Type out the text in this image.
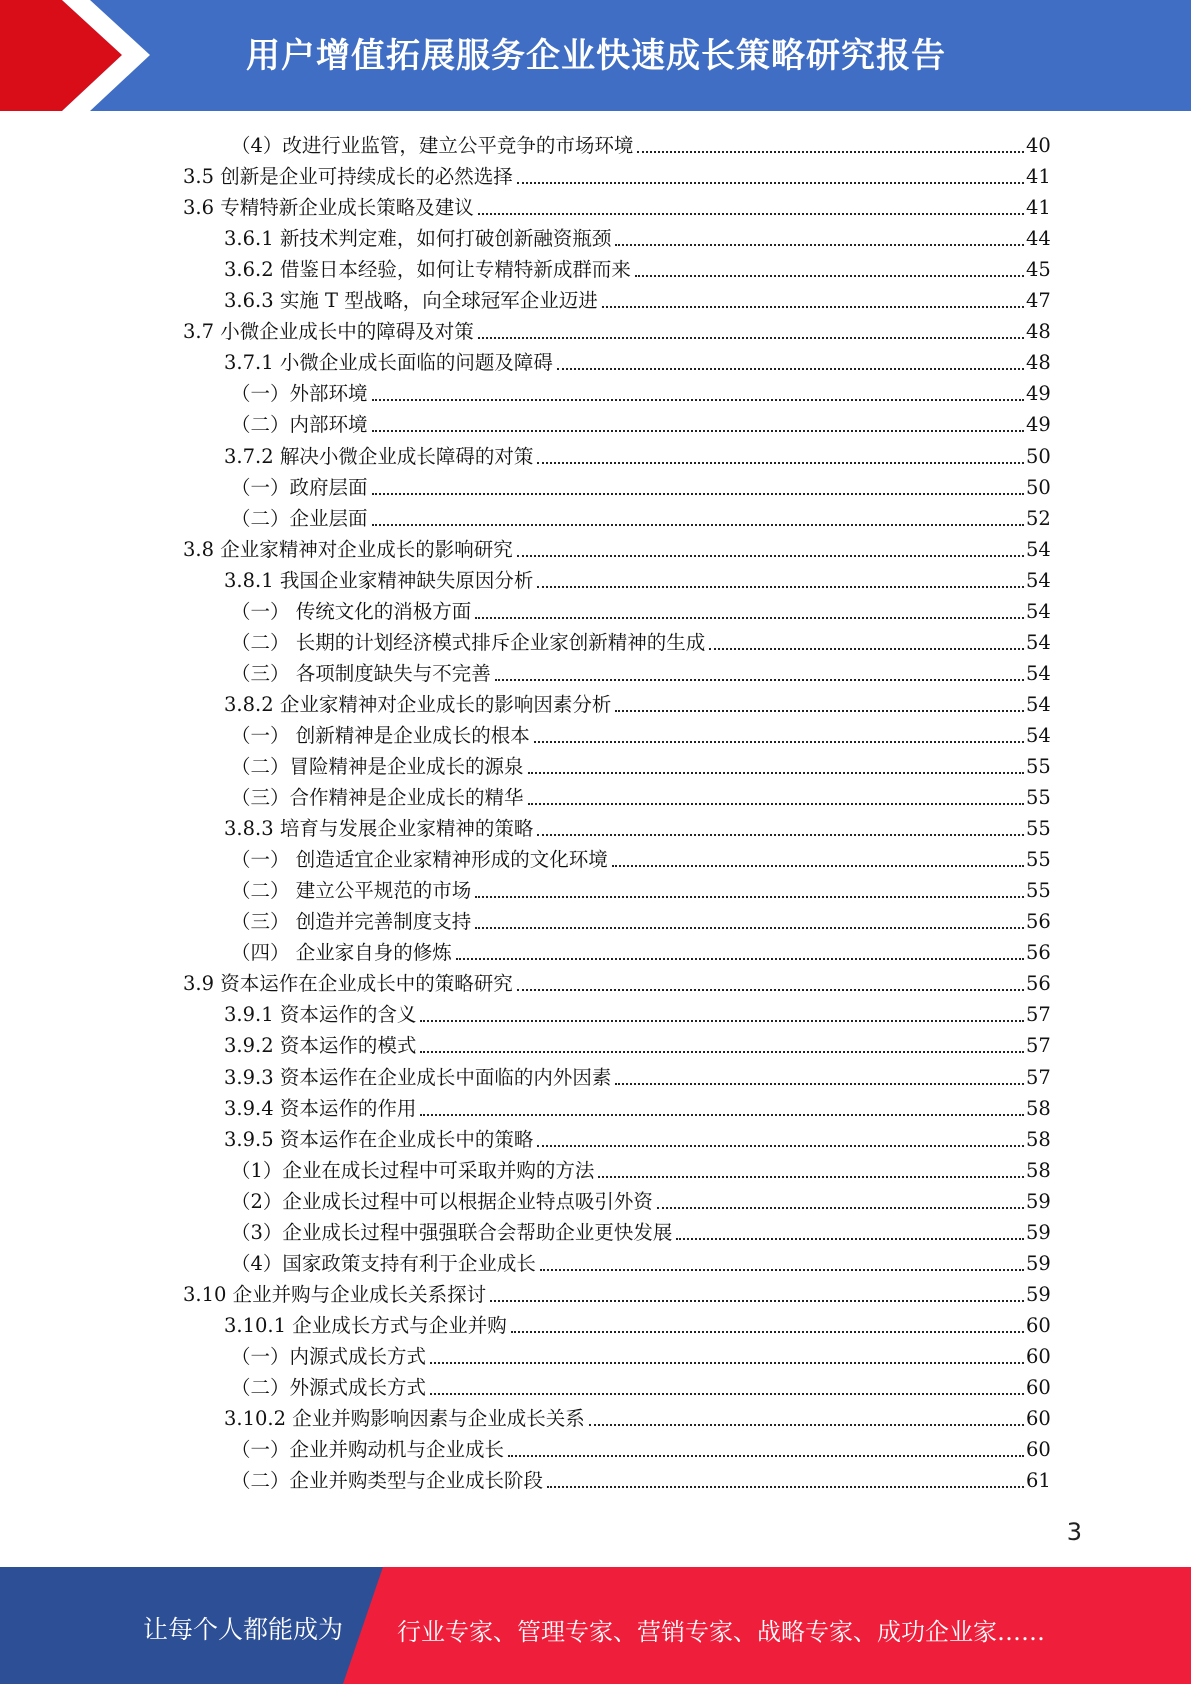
用户增值拓展服务企业快速成长策略研究报告
（4）改进行业监管，建立公平竞争的市场环境	40
3.5 创新是企业可持续成长的必然选择	41
3.6 专精特新企业成长策略及建议	41
3.6.1 新技术判定难，如何打破创新融资瓶颈	44
3.6.2 借鉴日本经验，如何让专精特新成群而来	45
3.6.3 实施 T 型战略，向全球冠军企业迈进	47
3.7 小微企业成长中的障碍及对策	48
3.7.1 小微企业成长面临的问题及障碍	48
（一）外部环境	49
（二）内部环境	49
3.7.2 解决小微企业成长障碍的对策	50
（一）政府层面	50
（二）企业层面	52
3.8 企业家精神对企业成长的影响研究	54
3.8.1 我国企业家精神缺失原因分析	54
（一） 传统文化的消极方面	54
（二） 长期的计划经济模式排斥企业家创新精神的生成	54
（三） 各项制度缺失与不完善	54
3.8.2 企业家精神对企业成长的影响因素分析	54
（一） 创新精神是企业成长的根本	54
（二）冒险精神是企业成长的源泉	55
（三）合作精神是企业成长的精华	55
3.8.3 培育与发展企业家精神的策略	55
（一） 创造适宜企业家精神形成的文化环境	55
（二） 建立公平规范的市场	55
（三） 创造并完善制度支持	56
（四） 企业家自身的修炼	56
3.9 资本运作在企业成长中的策略研究	56
3.9.1 资本运作的含义	57
3.9.2 资本运作的模式	57
3.9.3 资本运作在企业成长中面临的内外因素	57
3.9.4 资本运作的作用	58
3.9.5 资本运作在企业成长中的策略	58
（1）企业在成长过程中可采取并购的方法	58
（2）企业成长过程中可以根据企业特点吸引外资	59
（3）企业成长过程中强强联合会帮助企业更快发展	59
（4）国家政策支持有利于企业成长	59
3.10 企业并购与企业成长关系探讨	59
3.10.1 企业成长方式与企业并购	60
（一）内源式成长方式	60
（二）外源式成长方式	60
3.10.2 企业并购影响因素与企业成长关系	60
（一）企业并购动机与企业成长	60
（二）企业并购类型与企业成长阶段	61
3
让每个人都能成为 行业专家、管理专家、营销专家、战略专家、成功企业家……
